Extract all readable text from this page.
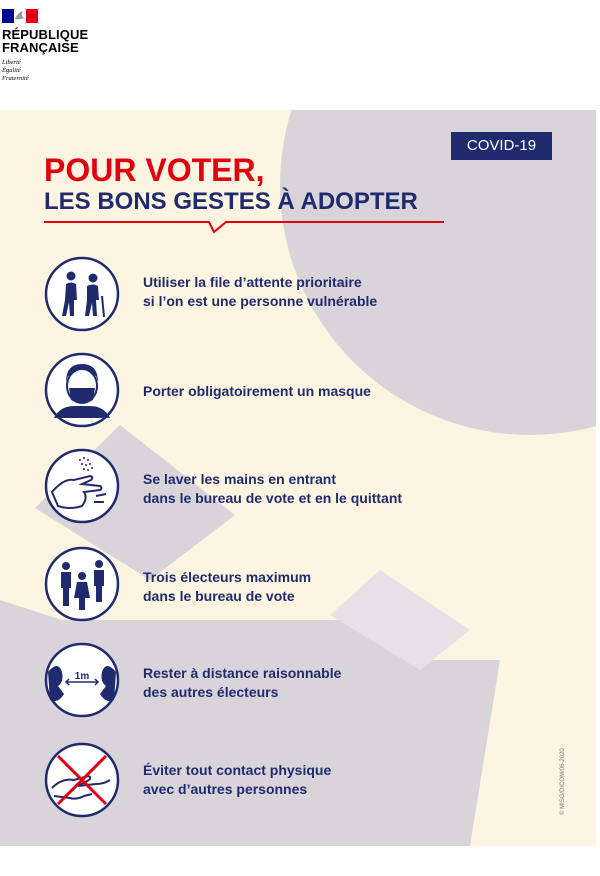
RÉPUBLIQUE
FRANÇAISE
Liberté
Égalité
Fraternité
COVID-19
POUR VOTER,
LES BONS GESTES À ADOPTER
Utiliser la file d’attente prioritaire
si l’on est une personne vulnérable
Porter obligatoirement un masque
Se laver les mains en entrant
dans le bureau de vote et en le quittant
Trois électeurs maximum
dans le bureau de vote
1m	Rester à distance raisonnable
des autres électeurs
Éviter tout contact physique
avec d’autres personnes	© MISG/DICOM/06-2020
